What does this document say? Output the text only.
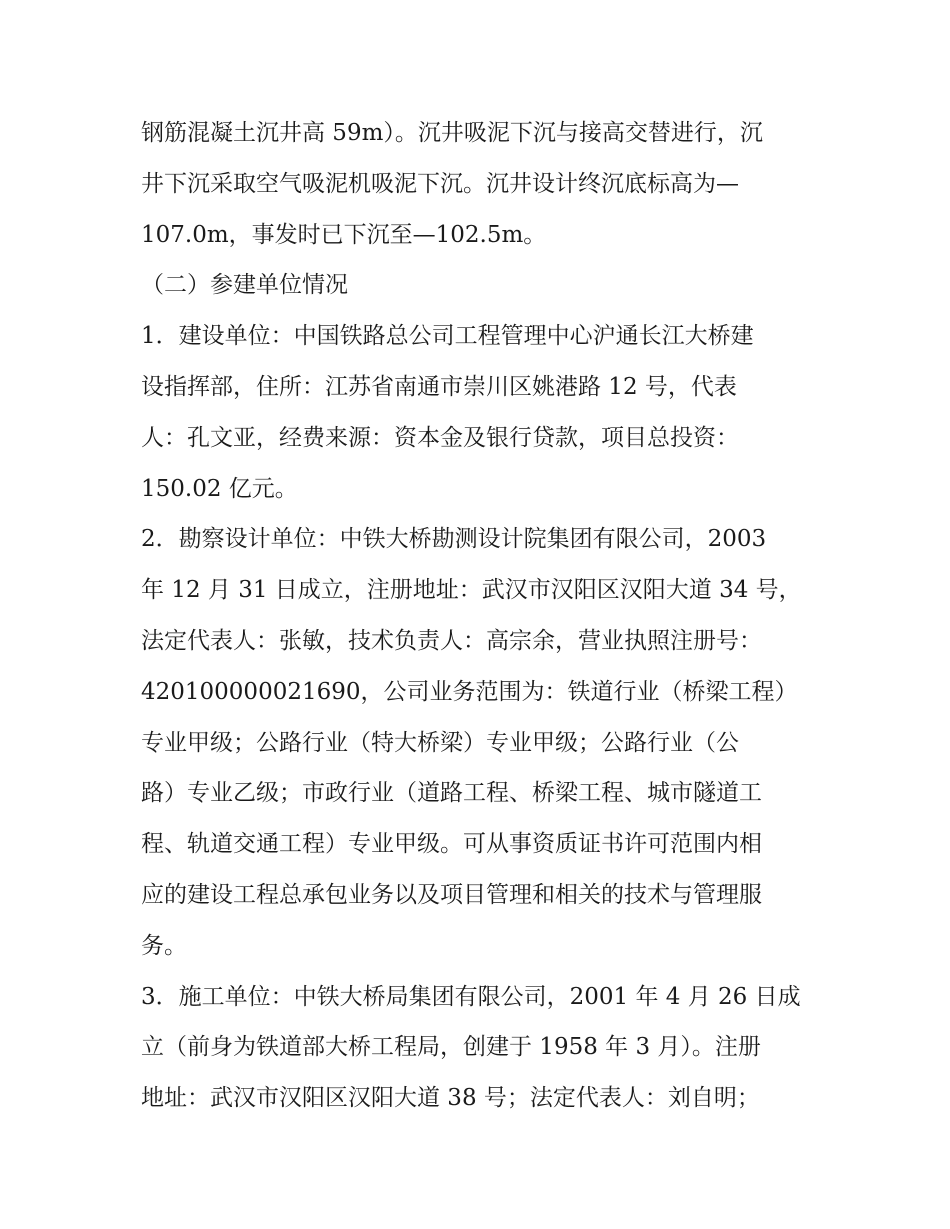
钢筋混凝土沉井高 59m）。沉井吸泥下沉与接高交替进行，沉
井下沉采取空气吸泥机吸泥下沉。沉井设计终沉底标高为—
107.0m，事发时已下沉至—102.5m。
（二）参建单位情况
1．建设单位：中国铁路总公司工程管理中心沪通长江大桥建
设指挥部，住所：江苏省南通市崇川区姚港路 12 号，代表
人：孔文亚，经费来源：资本金及银行贷款，项目总投资：
150.02 亿元。
2．勘察设计单位：中铁大桥勘测设计院集团有限公司，2003
年 12 月 31 日成立，注册地址：武汉市汉阳区汉阳大道 34 号，
法定代表人：张敏，技术负责人：高宗余，营业执照注册号：
420100000021690，公司业务范围为：铁道行业（桥梁工程）
专业甲级；公路行业（特大桥梁）专业甲级；公路行业（公
路）专业乙级；市政行业（道路工程、桥梁工程、城市隧道工
程、轨道交通工程）专业甲级。可从事资质证书许可范围内相
应的建设工程总承包业务以及项目管理和相关的技术与管理服
务。
3．施工单位：中铁大桥局集团有限公司，2001 年 4 月 26 日成
立（前身为铁道部大桥工程局，创建于 1958 年 3 月）。注册
地址：武汉市汉阳区汉阳大道 38 号；法定代表人：刘自明；
